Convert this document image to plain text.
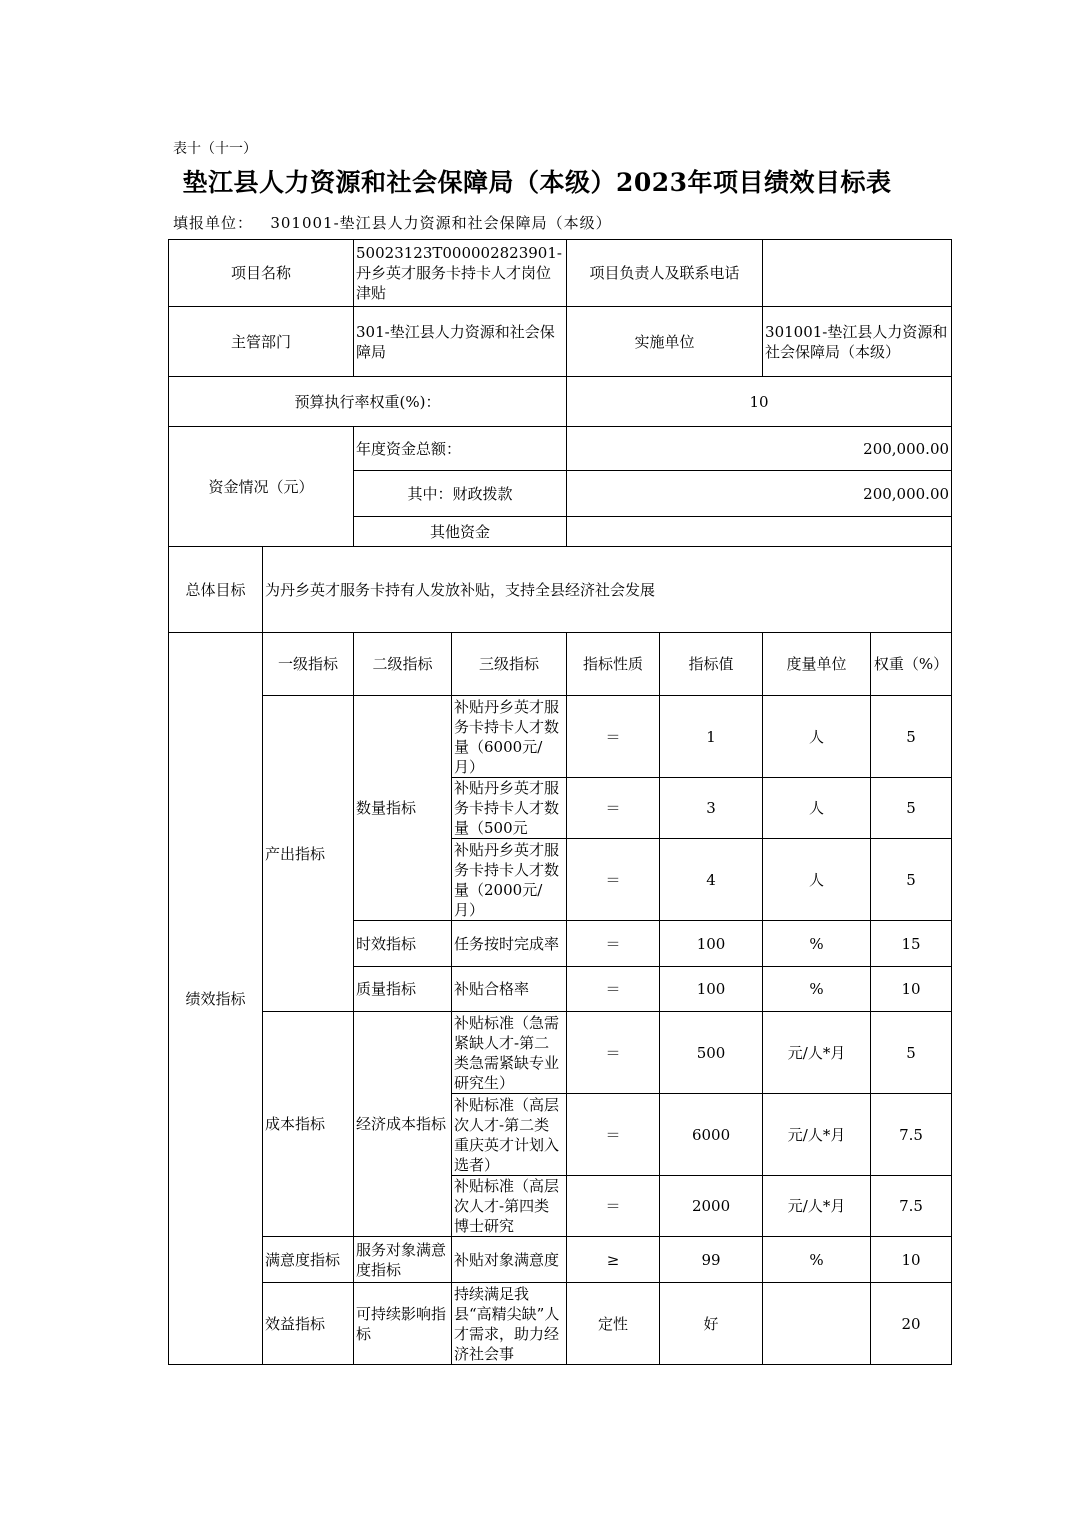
表十（十一）
垫江县人力资源和社会保障局（本级）2023年项目绩效目标表
填报单位： 301001-垫江县人力资源和社会保障局（本级）
项目名称		50023123T000002823901-丹乡英才服务卡持卡人才岗位津贴		项目负责人及联系电话			
主管部门		301-垫江县人力资源和社会保障局		实施单位		301001-垫江县人力资源和社会保障局（本级）	
预算执行率权重(%)：				10			
资金情况（元）		年度资金总额：		200,000.00			
		其中：财政拨款		200,000.00			
		其他资金					
总体目标	为丹乡英才服务卡持有人发放补贴，支持全县经济社会发展						
绩效指标	一级指标	二级指标	三级指标	指标性质	指标值	度量单位	权重（%）
	产出指标	数量指标	补贴丹乡英才服务卡持卡人才数量（6000元/月）	＝	1	人	5
			补贴丹乡英才服务卡持卡人才数量（500元	＝	3	人	5
			补贴丹乡英才服务卡持卡人才数量（2000元/月）	＝	4	人	5
		时效指标	任务按时完成率	＝	100	%	15
		质量指标	补贴合格率	＝	100	%	10
	成本指标	经济成本指标	补贴标准（急需紧缺人才-第二类急需紧缺专业研究生）	＝	500	元/人*月	5
			补贴标准（高层次人才-第二类重庆英才计划入选者）	＝	6000	元/人*月	7.5
			补贴标准（高层次人才-第四类博士研究	＝	2000	元/人*月	7.5
	满意度指标	服务对象满意度指标	补贴对象满意度	≥	99	%	10
	效益指标	可持续影响指标	持续满足我县“高精尖缺”人才需求，助力经济社会事	定性	好		20
